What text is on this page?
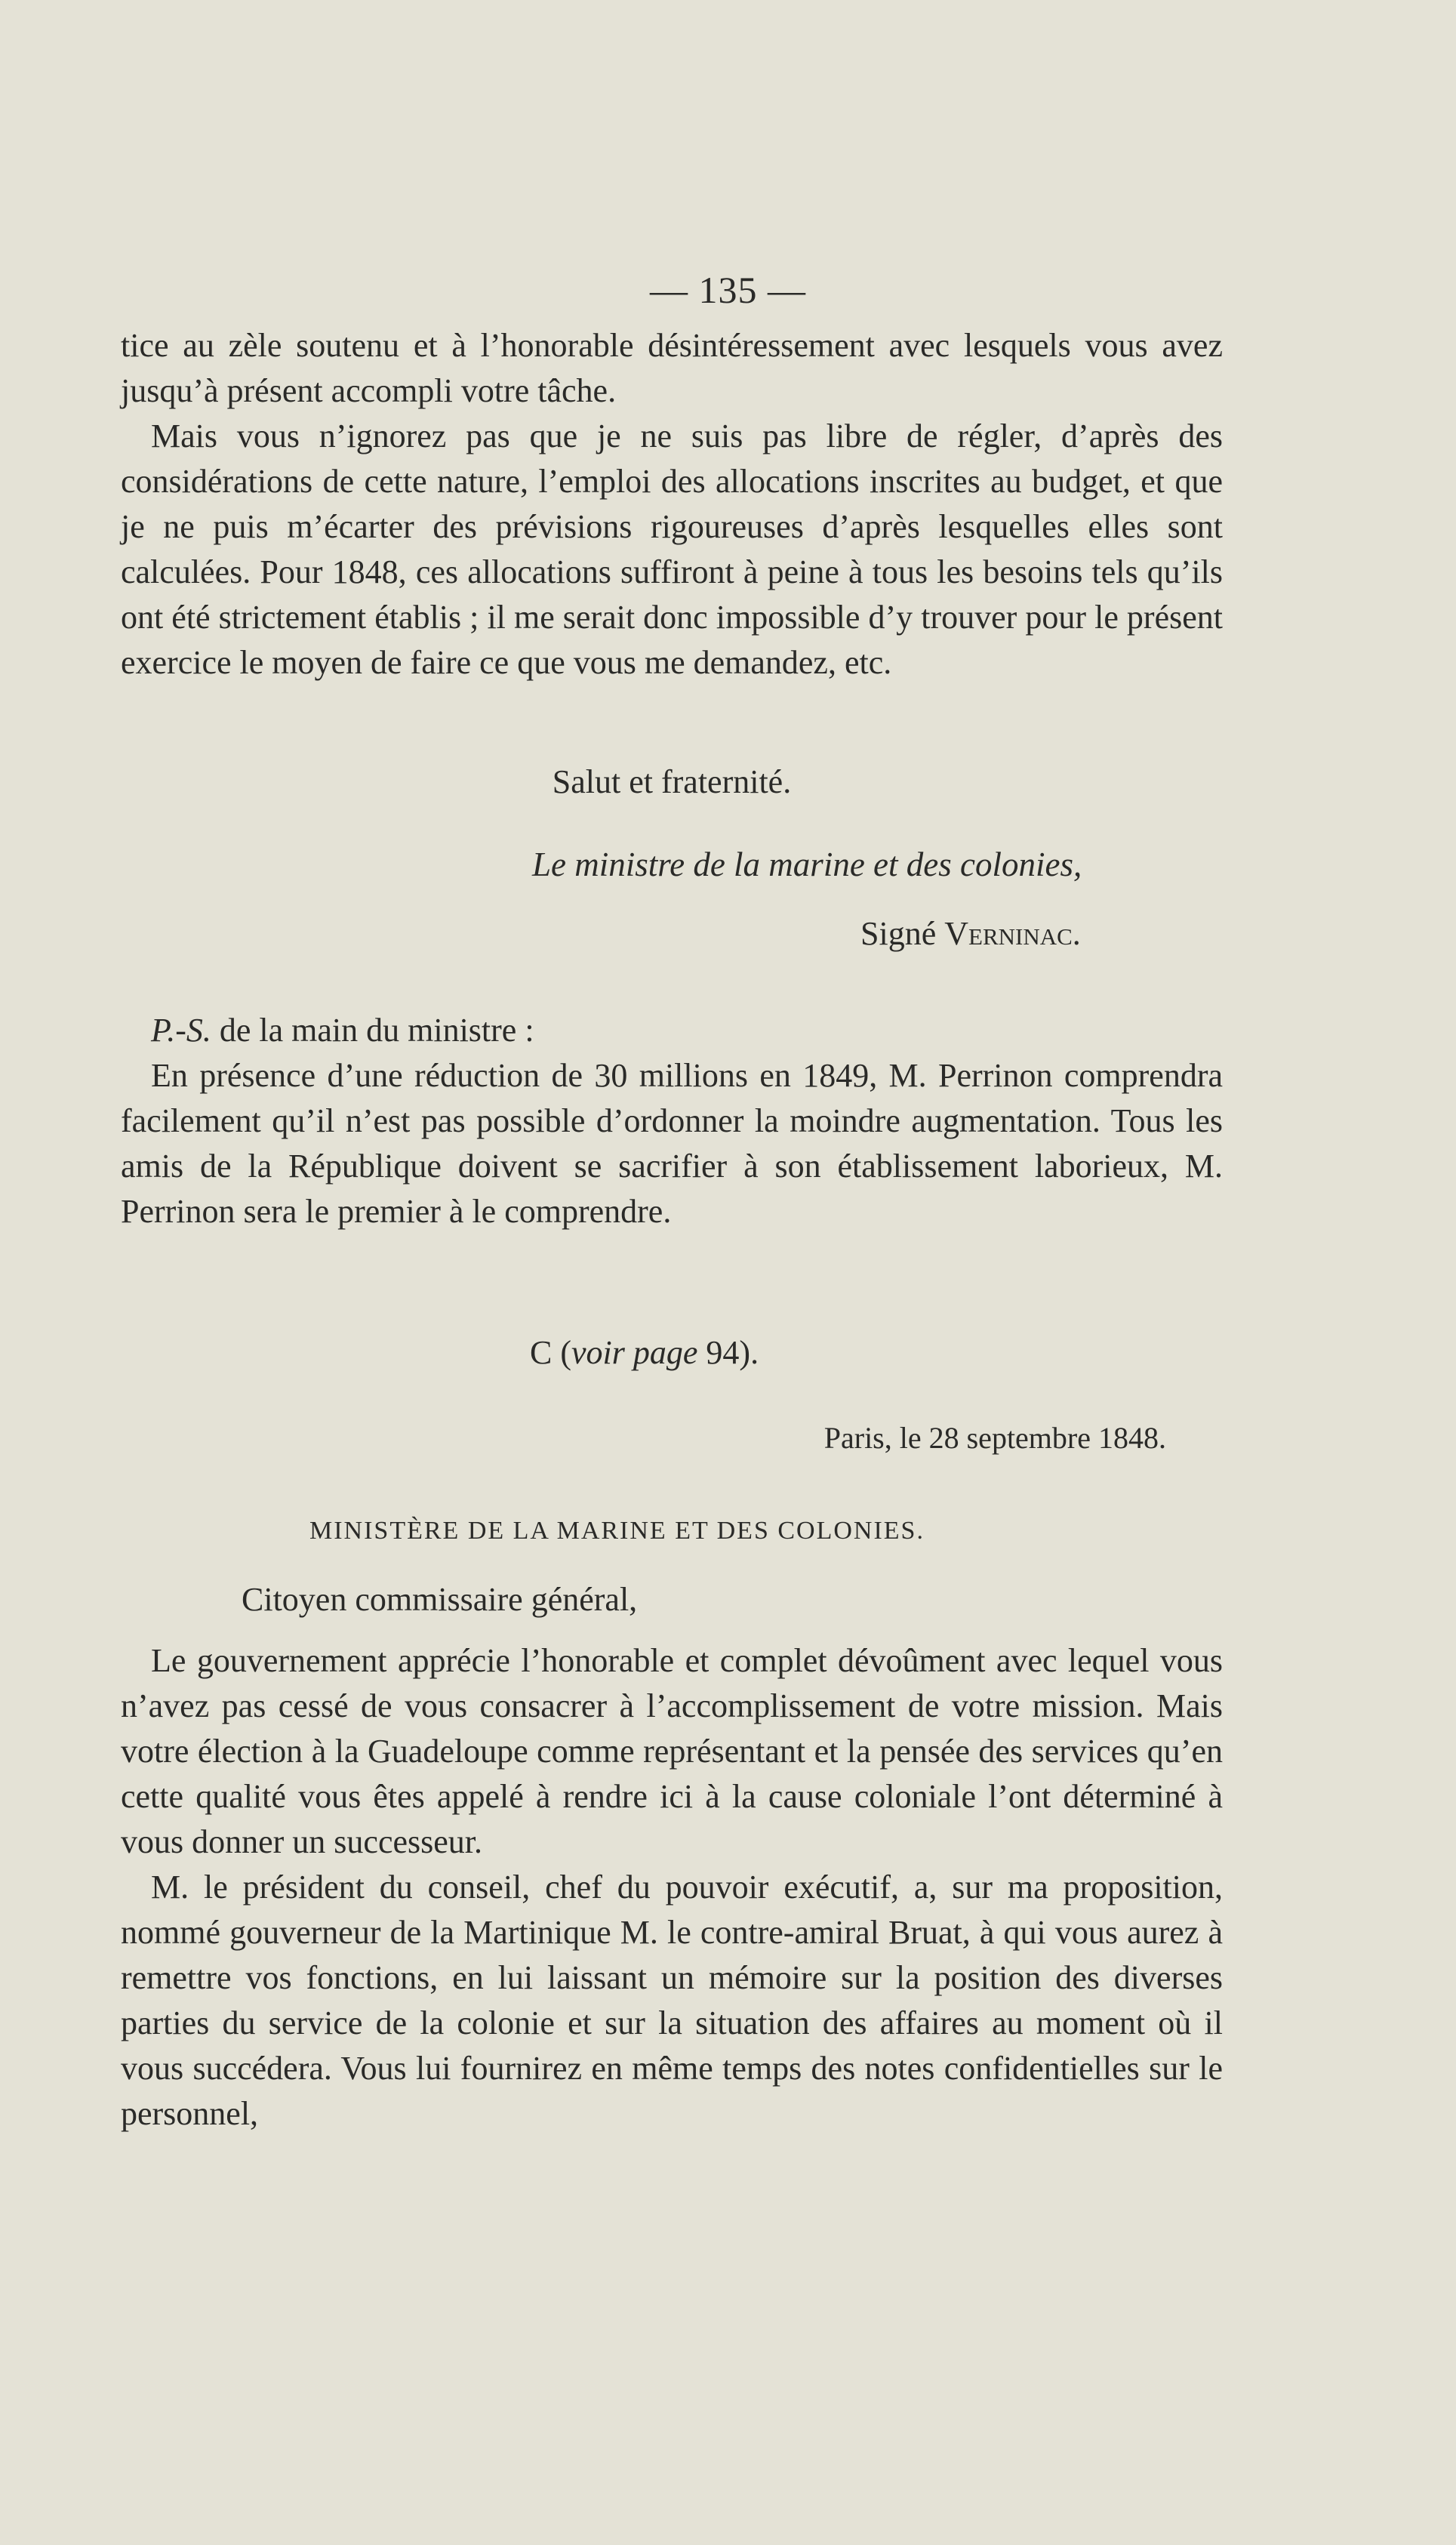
— 135 —

tice au zèle soutenu et à l’honorable désintéressement avec lesquels vous avez jusqu’à présent accompli votre tâche.

Mais vous n’ignorez pas que je ne suis pas libre de régler, d’après des considérations de cette nature, l’emploi des allocations inscrites au budget, et que je ne puis m’écarter des prévisions rigoureuses d’après lesquelles elles sont calculées. Pour 1848, ces allocations suffiront à peine à tous les besoins tels qu’ils ont été strictement établis ; il me serait donc impossible d’y trouver pour le présent exercice le moyen de faire ce que vous me demandez, etc.

Salut et fraternité.
Le ministre de la marine et des colonies,
Signé Verninac.
P.-S. de la main du ministre :

En présence d’une réduction de 30 millions en 1849, M. Perrinon comprendra facilement qu’il n’est pas possible d’ordonner la moindre augmentation. Tous les amis de la République doivent se sacrifier à son établissement laborieux, M. Perrinon sera le premier à le comprendre.

C (voir page 94).
Paris, le 28 septembre 1848.
MINISTÈRE DE LA MARINE ET DES COLONIES.
Citoyen commissaire général,

Le gouvernement apprécie l’honorable et complet dévoûment avec lequel vous n’avez pas cessé de vous consacrer à l’accomplissement de votre mission. Mais votre élection à la Guadeloupe comme représentant et la pensée des services qu’en cette qualité vous êtes appelé à rendre ici à la cause coloniale l’ont déterminé à vous donner un successeur.

M. le président du conseil, chef du pouvoir exécutif, a, sur ma proposition, nommé gouverneur de la Martinique M. le contre-amiral Bruat, à qui vous aurez à remettre vos fonctions, en lui laissant un mémoire sur la position des diverses parties du service de la colonie et sur la situation des affaires au moment où il vous succédera. Vous lui fournirez en même temps des notes confidentielles sur le personnel,
